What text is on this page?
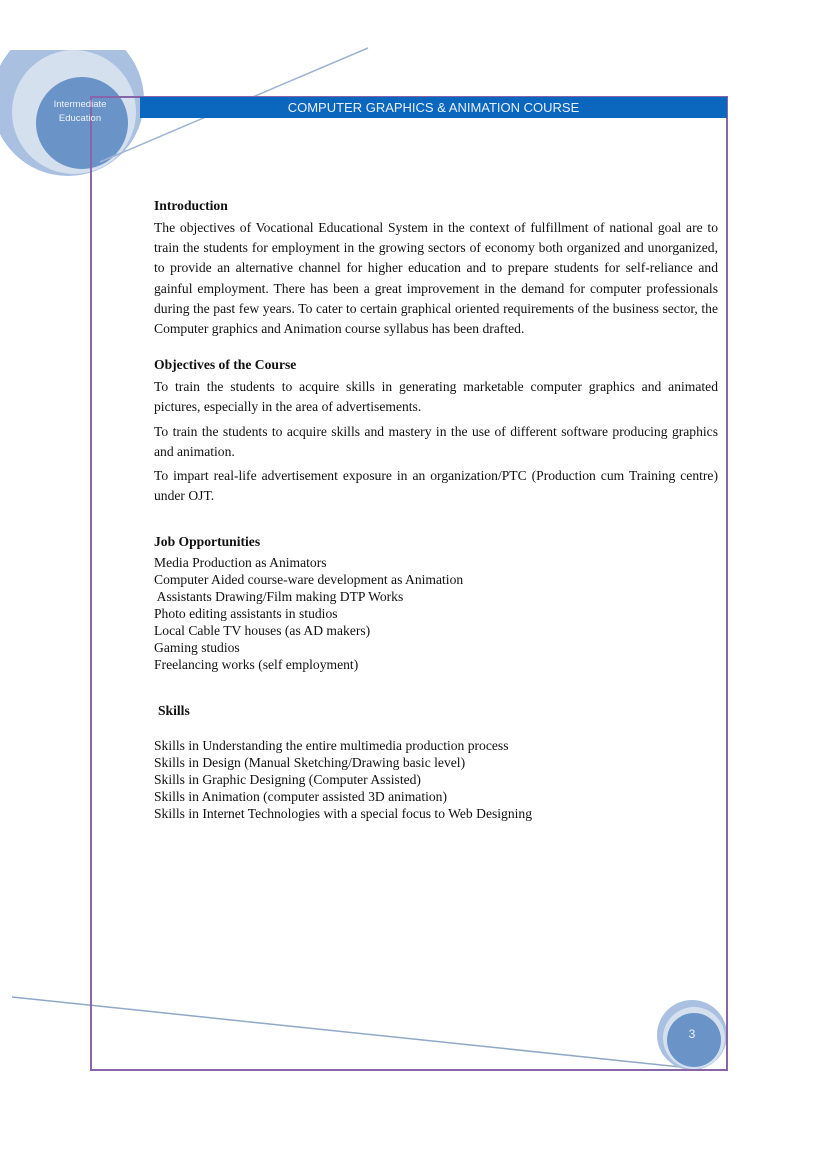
COMPUTER GRAPHICS & ANIMATION COURSE
Intermediate
Education
3
Introduction

The objectives of Vocational Educational System in the context of fulfillment of national goal are to train the students for employment in the growing sectors of economy both organized and unorganized, to provide an alternative channel for higher education and to prepare students for self-reliance and gainful employment. There has been a great improvement in the demand for computer professionals during the past few years. To cater to certain graphical oriented requirements of the business sector, the Computer graphics and Animation course syllabus has been drafted.

Objectives of the Course

To train the students to acquire skills in generating marketable computer graphics and animated pictures, especially in the area of advertisements.

To train the students to acquire skills and mastery in the use of different software producing graphics and animation.

To impart real-life advertisement exposure in an organization/PTC (Production cum Training centre) under OJT.

Job Opportunities
Media Production as Animators
Computer Aided course-ware development as Animation
Assistants Drawing/Film making DTP Works
Photo editing assistants in studios
Local Cable TV houses (as AD makers)
Gaming studios
Freelancing works (self employment)
Skills
Skills in Understanding the entire multimedia production process
Skills in Design (Manual Sketching/Drawing basic level)
Skills in Graphic Designing (Computer Assisted)
Skills in Animation (computer assisted 3D animation)
Skills in Internet Technologies with a special focus to Web Designing
